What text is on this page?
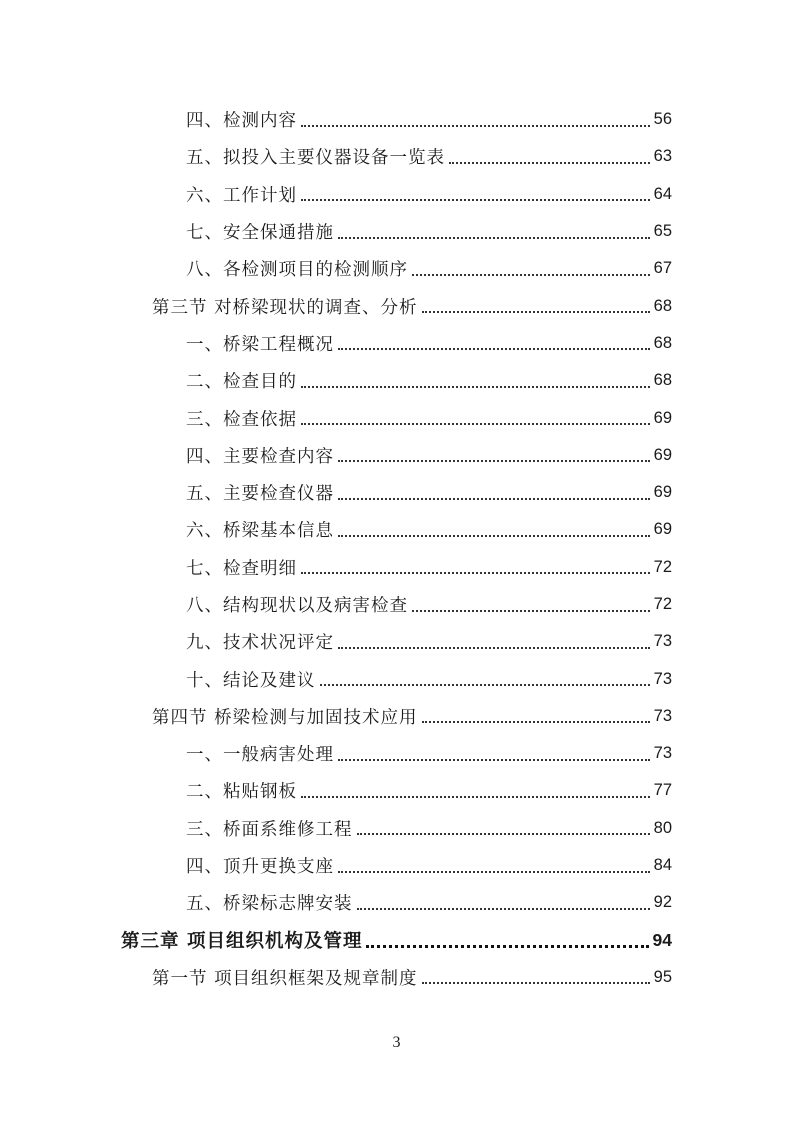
四、检测内容	56
五、拟投入主要仪器设备一览表	63
六、工作计划	64
七、安全保通措施	65
八、各检测项目的检测顺序	67
第三节 对桥梁现状的调查、分析	68
一、桥梁工程概况	68
二、检查目的	68
三、检查依据	69
四、主要检查内容	69
五、主要检查仪器	69
六、桥梁基本信息	69
七、检查明细	72
八、结构现状以及病害检查	72
九、技术状况评定	73
十、结论及建议	73
第四节 桥梁检测与加固技术应用	73
一、一般病害处理	73
二、粘贴钢板	77
三、桥面系维修工程	80
四、顶升更换支座	84
五、桥梁标志牌安装	92
第三章 项目组织机构及管理	94
第一节 项目组织框架及规章制度	95
3
